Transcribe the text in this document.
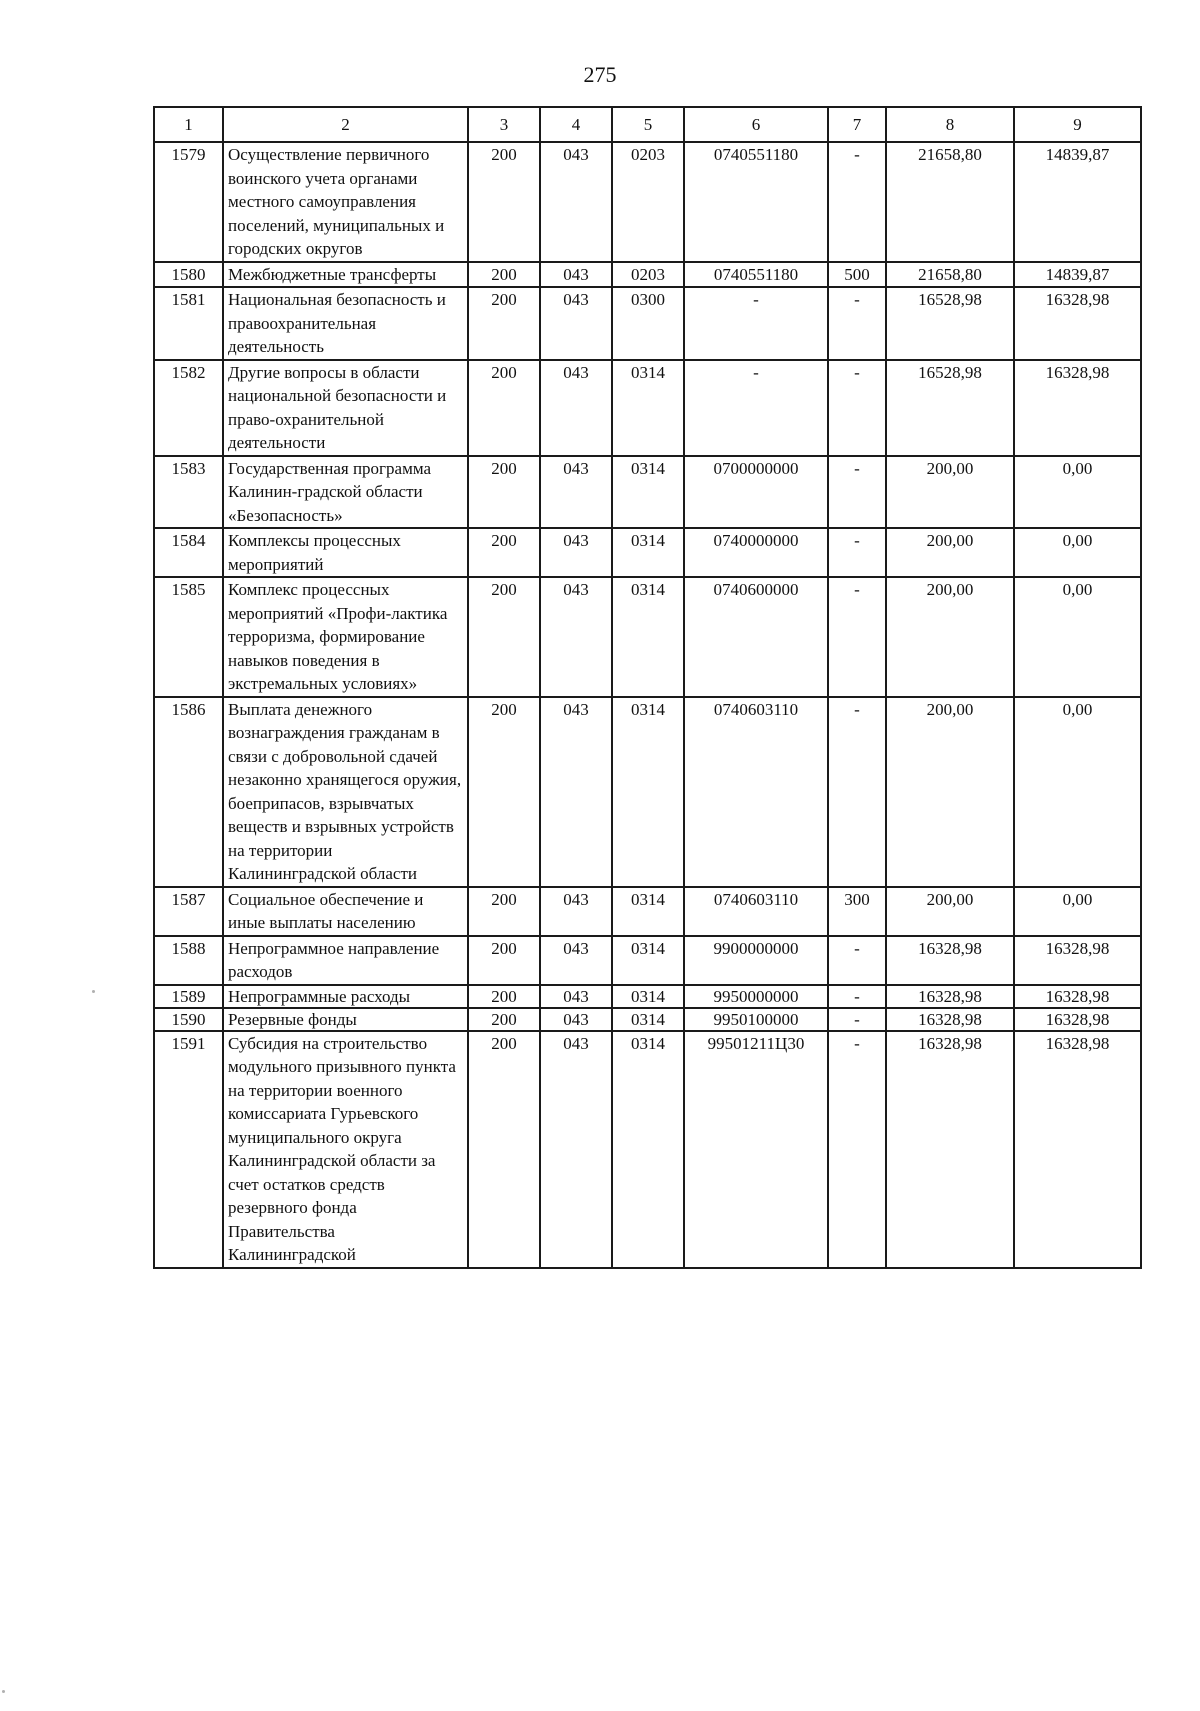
275
1	2	3	4	5	6	7	8	9
1579	Осуществление первичного воинского учета органами местного самоуправления поселений, муниципальных и городских округов	200	043	0203	0740551180	-	21658,80	14839,87
1580	Межбюджетные трансферты	200	043	0203	0740551180	500	21658,80	14839,87
1581	Национальная безопасность и правоохранительная деятельность	200	043	0300	-	-	16528,98	16328,98
1582	Другие вопросы в области национальной безопасности и право-охранительной деятельности	200	043	0314	-	-	16528,98	16328,98
1583	Государственная программа Калинин-градской области «Безопасность»	200	043	0314	0700000000	-	200,00	0,00
1584	Комплексы процессных мероприятий	200	043	0314	0740000000	-	200,00	0,00
1585	Комплекс процессных мероприятий «Профи-лактика терроризма, формирование навыков поведения в экстремальных условиях»	200	043	0314	0740600000	-	200,00	0,00
1586	Выплата денежного вознаграждения гражданам в связи с добровольной сдачей незаконно хранящегося оружия, боеприпасов, взрывчатых веществ и взрывных устройств на территории Калининградской области	200	043	0314	0740603110	-	200,00	0,00
1587	Социальное обеспечение и иные выплаты населению	200	043	0314	0740603110	300	200,00	0,00
1588	Непрограммное направление расходов	200	043	0314	9900000000	-	16328,98	16328,98
1589	Непрограммные расходы	200	043	0314	9950000000	-	16328,98	16328,98
1590	Резервные фонды	200	043	0314	9950100000	-	16328,98	16328,98
1591	Субсидия на строительство модульного призывного пункта на территории военного комиссариата Гурьевского муниципального округа Калининградской области за счет остатков средств резервного фонда Правительства Калининградской	200	043	0314	99501211Ц30	-	16328,98	16328,98
